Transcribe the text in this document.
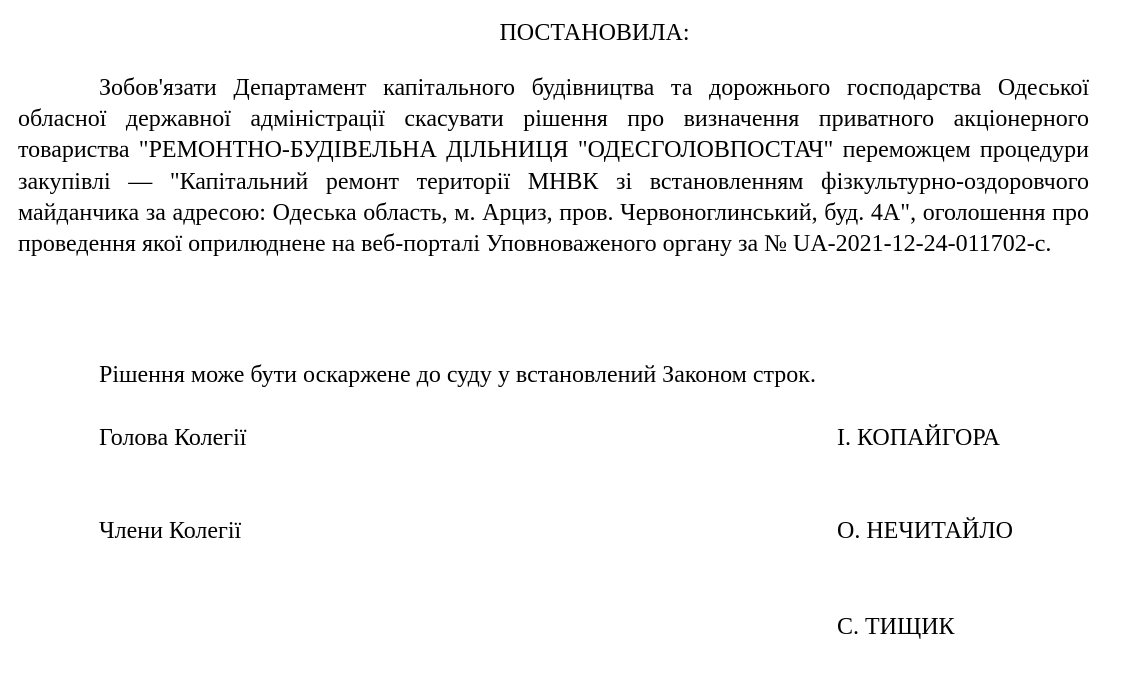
ПОСТАНОВИЛА:

Зобов'язати Департамент капітального будівництва та дорожнього господарства Одеської обласної державної адміністрації скасувати рішення про визначення приватного акціонерного товариства "РЕМОНТНО-БУДІВЕЛЬНА ДІЛЬНИЦЯ "ОДЕСГОЛОВПОСТАЧ" переможцем процедури закупівлі — "Капітальний ремонт території МНВК зі встановленням фізкультурно-оздоровчого майданчика за адресою: Одеська область, м. Арциз, пров. Червоноглинський, буд. 4А", оголошення про проведення якої оприлюднене на веб-порталі Уповноваженого органу за № UA-2021-12-24-011702-c.

Рішення може бути оскаржене до суду у встановлений Законом строк.
Голова Колегії	І. КОПАЙГОРА
Члени Колегії	О. НЕЧИТАЙЛО
С. ТИЩИК
